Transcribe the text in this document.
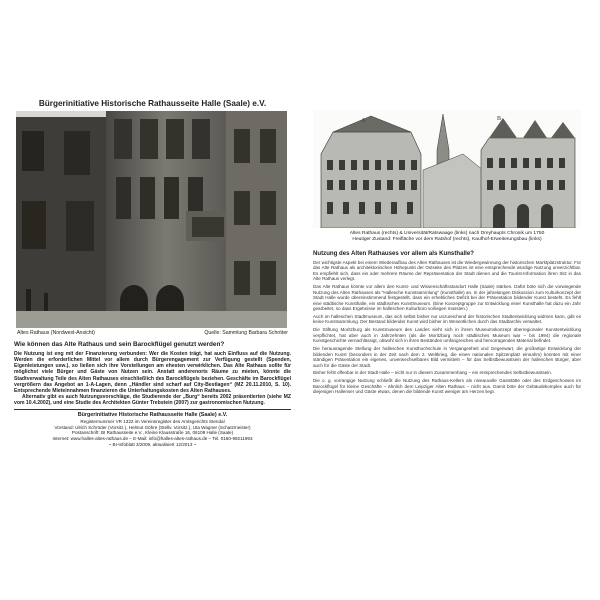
Bürgerinitiative Historische Rathausseite Halle (Saale) e.V.
Altes Rathaus (Nordwest-Ansicht)	Quelle: Sammlung Barbara Schröter
Wie können das Alte Rathaus und sein Barockflügel genutzt werden?

Die Nutzung ist eng mit der Finanzierung verbunden: Wer die Kosten trägt, hat auch Einfluss auf die Nutzung. Werden die erforderlichen Mittel vor allem durch Bürgerengagement zur Verfügung gestellt (Spenden, Eigenleistungen usw.), so ließen sich ihre Vorstellungen am ehesten verwirklichen. Das Alte Rathaus sollte für möglichst viele Bürger und Gäste von Nutzen sein. Anstatt anderenorts Räume zu mieten, könnte die Stadtverwaltung Teile des Alten Rathauses einschließlich des Barockflügels beziehen. Geschäfte im Barockflügel vergrößern das Angebot an 1-A-Lagen, denn „Händler sind scharf auf City-Bestlagen“ (MZ 20.11.2010, S. 10). Entsprechende Mieteinnahmen finanzieren die Unterhaltungskosten des Alten Rathauses.

Alternativ gibt es auch Nutzungsvorschläge, die Studierende der „Burg“ bereits 2002 präsentierten (siehe MZ vom 10.4.2002), und eine Studie des Architekten Günter Trebstein (2007) zur gastronomischen Nutzung.

Bürgerinitiative Historische Rathausseite Halle (Saale) e.V.
Registernummer VR 1322 im Vereinsregister des Amtsgerichts Stendal
Vorstand: Ulrich Schröder (Vorsitz.), Helmut Göhre (Stellv. Vorsitz.), Uta Wagner (Schatzmeister)
Postanschrift: BI Rathausseite e.V., Kleine Klausstraße 16, 06108 Halle (Saale)
Internet: www.halles-altes-rathaus.de – E-Mail: info@halles-altes-rathaus.de – Tel. 0160-99211993
~ BI-Infoblatt 3/2009, aktualisiert 12/2013 ~
A	B
Altes Rathaus (rechts) & Universität/Ratswaage (links) nach Dreyhaupts Chronik um 1750
Heutiger Zustand: Freifläche vor dem Ratshof (rechts), Kaufhof-Erweiterungsbau (links)
Nutzung des Alten Rathauses vor allem als Kunsthalle?

Der wichtigste Aspekt bei einem Wiederaufbau des Alten Rathauses ist die Wiedergewinnung der historischen Marktplatzstruktur. Für das Alte Rathaus als architektonischen Höhepunkt der Ostseite des Platzes ist eine entsprechende würdige Nutzung unverzichtbar. Es empfiehlt sich, dass ein oder mehrere Räume der Repräsentation der Stadt dienen und die Tourist-Information ihren Sitz in das Alte Rathaus verlegt.

Das Alte Rathaus könnte vor allem den Kunst- und Wissenschaftsstandort Halle (Saale) stärken. Dafür böte sich die vorwiegende Nutzung des Alten Rathauses als "Hallesche Kunstsammlung" (Kunsthalle) an. In der jahrelangen Diskussion zum Kulturkonzept der Stadt Halle wurde übereinstimmend festgestellt, dass ein erhebliches Defizit bei der Präsentation bildender Kunst besteht. Es fehlt eine städtische Kunsthalle, ein städtisches Kunstmuseum. (Eine Konzeptgruppe zur Entwicklung einer Kunsthalle hat dazu ein Jahr gearbeitet, so dass Ergebnisse im halleschen Kulturbüro vorliegen müssten.)

Auch im halleschen Stadtmuseum, das sich selbst bisher nur unzureichend der historischen Stadtentwicklung widmen kann, gibt es keine Kunstsammlung. Der Bestand bildender Kunst wird bisher im Wesentlichen durch das Stadtarchiv verwaltet.

Die Stiftung Moritzburg als Kunstmuseum des Landes sieht sich in ihrem Museumskonzept überregionaler Kunstentwicklung verpflichtet, hat aber auch in Jahrzehnten (als die Moritzburg noch städtisches Museum war – bis 1994) die regionale Kunstgeschichte vernachlässigt, obwohl sich in ihren Beständen umfangreiches und hervorragendes Material befindet.

Die herausragende Stellung der halleschen Kunsthochschule in Vergangenheit und Gegenwart, die großartige Entwicklung der bildenden Kunst (besonders in der Zeit nach dem 2. Weltkrieg, die einen nationalen Spitzenplatz einnahm) könnten mit einer ständigen Präsentation ein eigenes, unverwechselbares Bild vermitteln – für das Selbstbewusstsein der halleschen Bürger, aber auch für die Gäste der Stadt.

Bisher fehlt offenbar in der Stadt Halle – nicht nur in diesem Zusammenhang – ein entsprechendes Selbstbewusstsein.

Die o. g. vorrangige Nutzung schließt die Nutzung des Rathaus-Kellers als niveauvolle Gaststätte oder des Erdgeschosses im Barockflügel für kleine Geschäfte – ähnlich dem Leipziger Alten Rathaus – nicht aus. Damit böte der Gebäudekomplex auch für diejenigen Hallenser und Gäste etwas, denen die bildende Kunst weniger am Herzen liegt.
